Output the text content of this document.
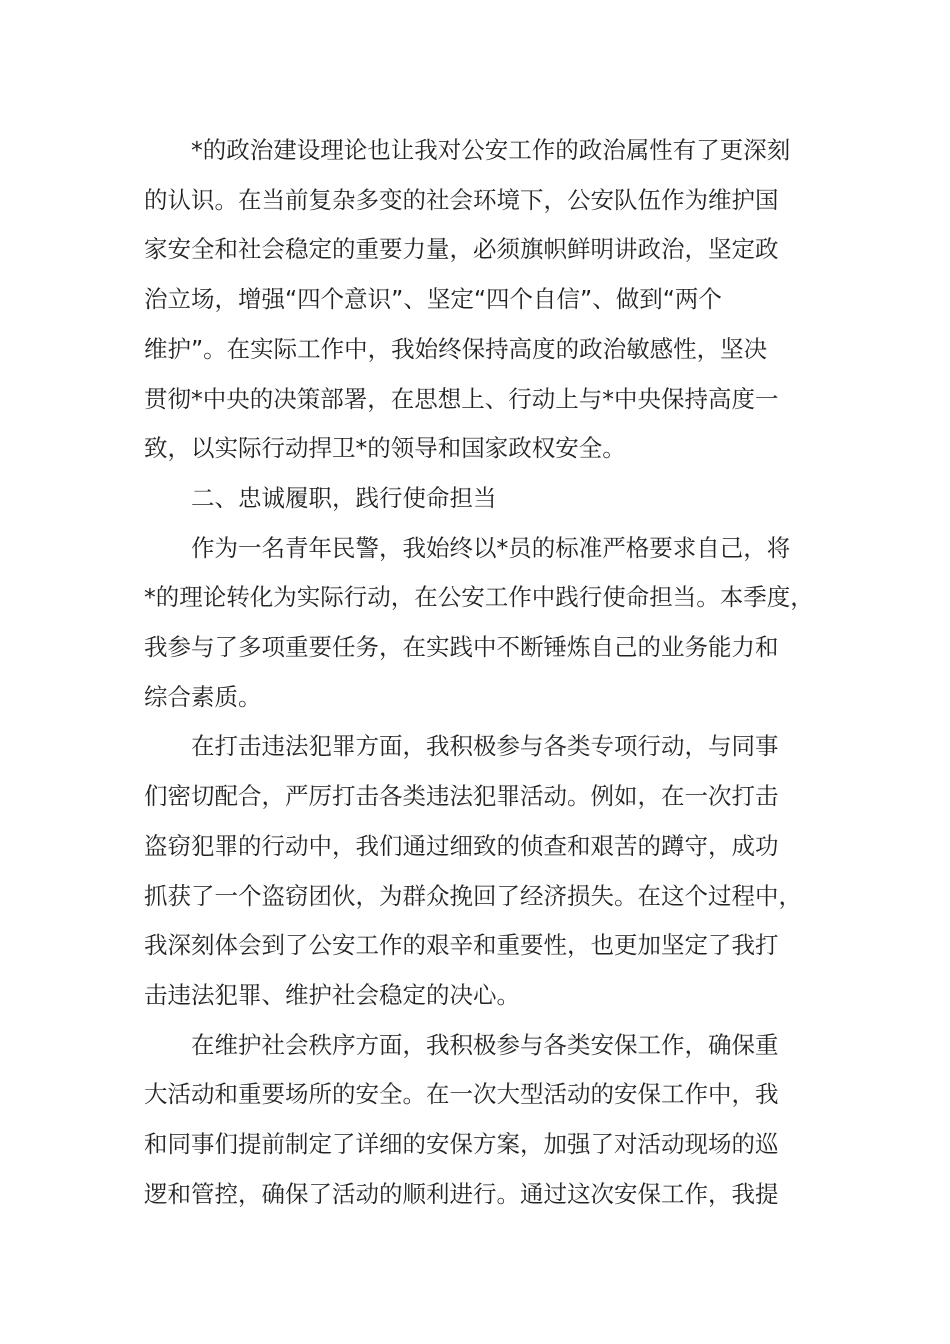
*的政治建设理论也让我对公安工作的政治属性有了更深刻
的认识。在当前复杂多变的社会环境下，公安队伍作为维护国
家安全和社会稳定的重要力量，必须旗帜鲜明讲政治，坚定政
治立场，增强“四个意识”、坚定“四个自信”、做到“两个
维护”。在实际工作中，我始终保持高度的政治敏感性，坚决
贯彻*中央的决策部署，在思想上、行动上与*中央保持高度一
致，以实际行动捍卫*的领导和国家政权安全。
二、忠诚履职，践行使命担当
作为一名青年民警，我始终以*员的标准严格要求自己，将
*的理论转化为实际行动，在公安工作中践行使命担当。本季度，
我参与了多项重要任务，在实践中不断锤炼自己的业务能力和
综合素质。
在打击违法犯罪方面，我积极参与各类专项行动，与同事
们密切配合，严厉打击各类违法犯罪活动。例如，在一次打击
盗窃犯罪的行动中，我们通过细致的侦查和艰苦的蹲守，成功
抓获了一个盗窃团伙，为群众挽回了经济损失。在这个过程中，
我深刻体会到了公安工作的艰辛和重要性，也更加坚定了我打
击违法犯罪、维护社会稳定的决心。
在维护社会秩序方面，我积极参与各类安保工作，确保重
大活动和重要场所的安全。在一次大型活动的安保工作中，我
和同事们提前制定了详细的安保方案，加强了对活动现场的巡
逻和管控，确保了活动的顺利进行。通过这次安保工作，我提
